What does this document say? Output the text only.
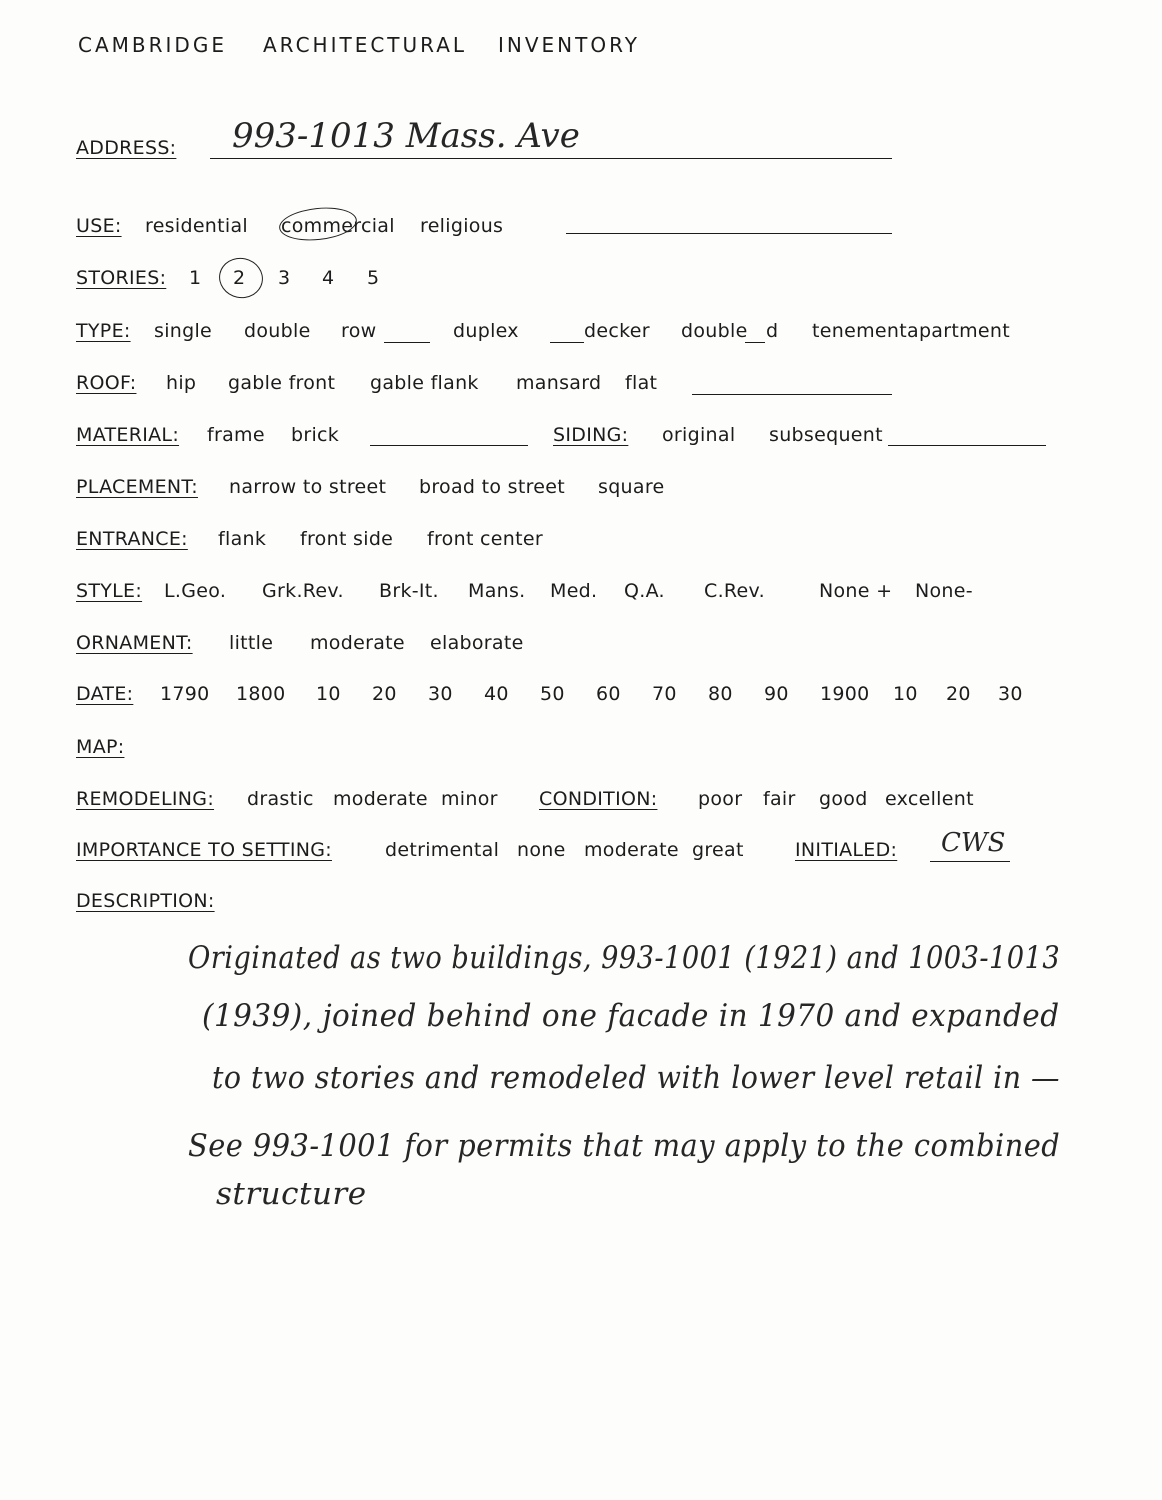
CAMBRIDGE ARCHITECTURAL INVENTORY
ADDRESS: 993-1013 Mass. Ave
USE: residential commercial religious
STORIES: 1 2 3 4 5
TYPE: single double row	duplex	decker double d tenement apartment
ROOF: hip gable front gable flank mansard flat
MATERIAL: frame brick	SIDING: original subsequent
PLACEMENT: narrow to street broad to street square
ENTRANCE: flank front side front center
STYLE: L.Geo. Grk.Rev. Brk-It. Mans. Med. Q.A. C.Rev.	None + None-
ORNAMENT: little moderate elaborate
DATE: 1790 1800 10 20 30 40 50 60 70 80 90 1900 10 20 30
MAP:
REMODELING: drastic moderate minor CONDITION: poor fair good excellent
IMPORTANCE TO SETTING:	detrimental none moderate great	INITIALED: CWS
DESCRIPTION:
Originated as two buildings, 993-1001 (1921) and 1003-1013
(1939), joined behind one facade in 1970 and expanded
to two stories and remodeled with lower level retail in —
See 993-1001 for permits that may apply to the combined
structure
